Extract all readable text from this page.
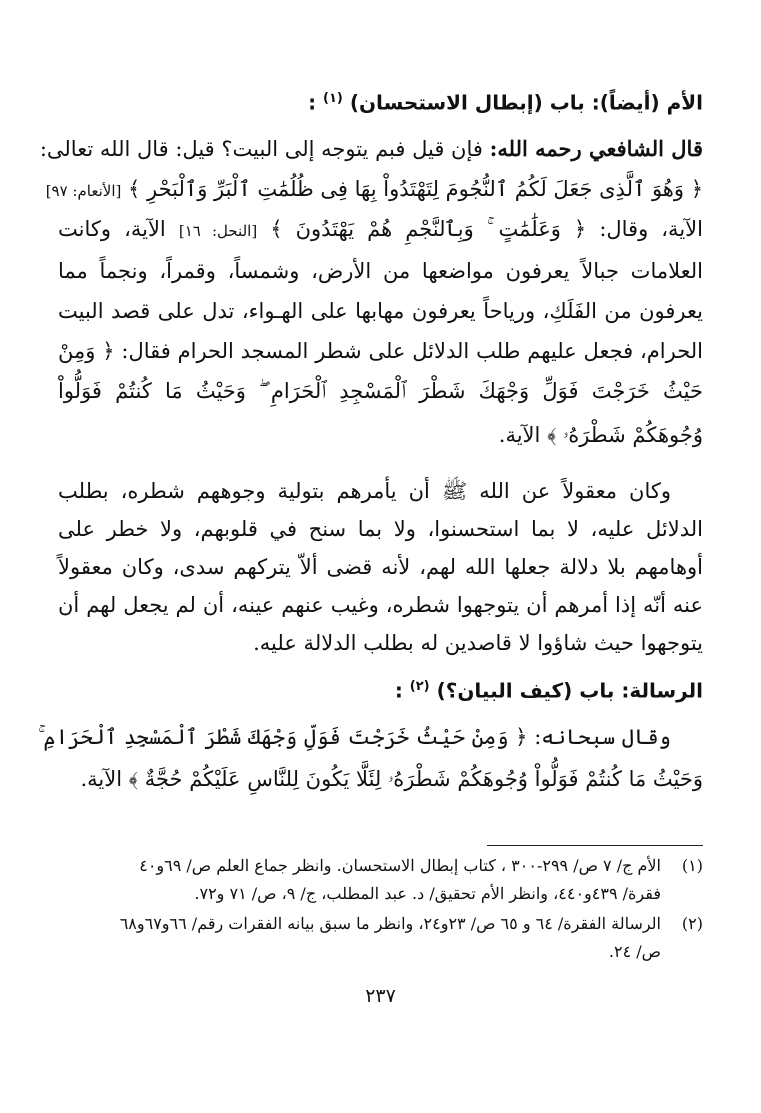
الأم (أيضاً): باب (إبطال الاستحسان) $^{(١)}$ :
قال الشافعي رحمه الله: فإن قيل فبم يتوجه إلى البيت؟ قيل: قال الله تعالى:
﴿ وَهُوَ ٱلَّذِى جَعَلَ لَكُمُ ٱلنُّجُومَ لِتَهْتَدُواْ بِهَا فِى ظُلُمَٰتِ ٱلْبَرِّ وَٱلْبَحْرِ ﴾ [الأنعام: ٩٧]
الآية، وقال: ﴿ وَعَلَٰمَٰتٍ ۚ وَبِٱلنَّجْمِ هُمْ يَهْتَدُونَ ﴾ [النحل: ١٦] الآية، وكانت
العلامات جبالاً يعرفون مواضعها من الأرض، وشمساً، وقمراً، ونجماً مما
يعرفون من الفَلَكِ، ورياحاً يعرفون مهابها على الهـواء، تدل على قصد البيت
الحرام، فجعل عليهم طلب الدلائل على شطر المسجد الحرام فقال: ﴿ وَمِنْ
حَيْثُ خَرَجْتَ فَوَلِّ وَجْهَكَ شَطْرَ ٱلْمَسْجِدِ ٱلْحَرَامِ ۖ وَحَيْثُ مَا كُنتُمْ فَوَلُّواْ
وُجُوهَكُمْ شَطْرَهُۥ ﴾ الآية.
وكان معقولاً عن الله ﷺ أن يأمرهم بتولية وجوههم شطره، بطلب
الدلائل عليه، لا بما استحسنوا، ولا بما سنح في قلوبهم، ولا خطر على
أوهامهم بلا دلالة جعلها الله لهم، لأنه قضى ألاّ يتركهم سدى، وكان معقولاً
عنه أنّه إذا أمرهم أن يتوجهوا شطره، وغيب عنهم عينه، أن لم يجعل لهم أن
يتوجهوا حيث شاؤوا لا قاصدين له بطلب الدلالة عليه.
الرسالة: باب (كيف البيان؟) $^{(٢)}$ :
وقال سبحانه: ﴿ وَمِنْ حَيْثُ خَرَجْتَ فَوَلِّ وَجْهَكَ شَطْرَ ٱلْمَسْجِدِ ٱلْحَرَامِ ۚ
وَحَيْثُ مَا كُنتُمْ فَوَلُّواْ وُجُوهَكُمْ شَطْرَهُۥ لِئَلَّا يَكُونَ لِلنَّاسِ عَلَيْكُمْ حُجَّةٌ ﴾ الآية.
(١)الأم ج/ ٧ ص/ ٢٩٩-٣٠٠ ، كتاب إبطال الاستحسان. وانظر جماع العلم ص/ ٦٩و٤٠
فقرة/ ٤٣٩و٤٤٠، وانظر الأم تحقيق/ د. عبد المطلب، ج/ ٩، ص/ ٧١ و٧٢.
(٢)الرسالة الفقرة/ ٦٤ و ٦٥ ص/ ٢٣و٢٤، وانظر ما سبق بيانه الفقرات رقم/ ٦٦و٦٧و٦٨
ص/ ٢٤.
٢٣٧
